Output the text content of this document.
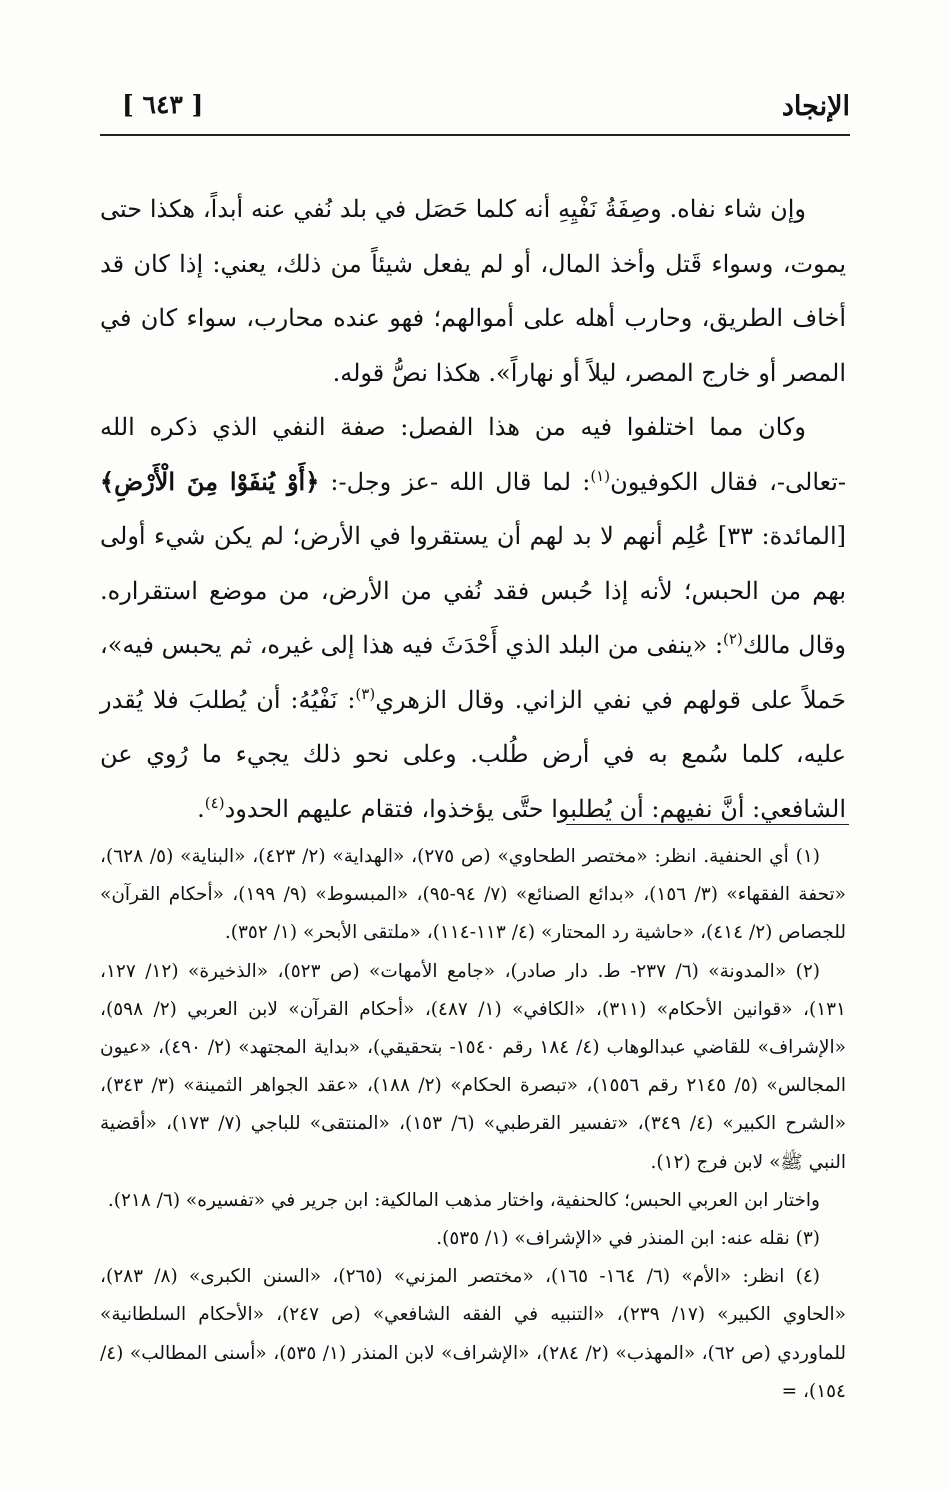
الإنجاد
[ ٦٤٣ ]

وإن شاء نفاه. وصِفَةُ نَفْيِهِ أنه كلما حَصَل في بلد نُفي عنه أبداً، هكذا حتى يموت، وسواء قَتل وأخذ المال، أو لم يفعل شيئاً من ذلك، يعني: إذا كان قد أخاف الطريق، وحارب أهله على أموالهم؛ فهو عنده محارب، سواء كان في المصر أو خارج المصر، ليلاً أو نهاراً». هكذا نصُّ قوله.

وكان مما اختلفوا فيه من هذا الفصل: صفة النفي الذي ذكره الله -تعالى-، فقال الكوفيون$^{(١)}$: لما قال الله -عز وجل-: ﴿أَوْ يُنفَوْا مِنَ الْأَرْضِ﴾ [المائدة: ٣٣] عُلِم أنهم لا بد لهم أن يستقروا في الأرض؛ لم يكن شيء أولى بهم من الحبس؛ لأنه إذا حُبس فقد نُفي من الأرض، من موضع استقراره. وقال مالك$^{(٢)}$: «ينفى من البلد الذي أَحْدَثَ فيه هذا إلى غيره، ثم يحبس فيه»، حَملاً على قولهم في نفي الزاني. وقال الزهري$^{(٣)}$: نَفْيُهُ: أن يُطلبَ فلا يُقدر عليه، كلما سُمع به في أرض طُلب. وعلى نحو ذلك يجيء ما رُوي عن الشافعي: أنَّ نفيهم: أن يُطلبوا حتَّى يؤخذوا، فتقام عليهم الحدود$^{(٤)}$.

(١) أي الحنفية. انظر: «مختصر الطحاوي» (ص ٢٧٥)، «الهداية» (٢/ ٤٢٣)، «البناية» (٥/ ٦٢٨)، «تحفة الفقهاء» (٣/ ١٥٦)، «بدائع الصنائع» (٧/ ٩٤-٩٥)، «المبسوط» (٩/ ١٩٩)، «أحكام القرآن» للجصاص (٢/ ٤١٤)، «حاشية رد المحتار» (٤/ ١١٣-١١٤)، «ملتقى الأبحر» (١/ ٣٥٢).

(٢) «المدونة» (٦/ ٢٣٧- ط. دار صادر)، «جامع الأمهات» (ص ٥٢٣)، «الذخيرة» (١٢/ ١٢٧، ١٣١)، «قوانين الأحكام» (٣١١)، «الكافي» (١/ ٤٨٧)، «أحكام القرآن» لابن العربي (٢/ ٥٩٨)، «الإشراف» للقاضي عبدالوهاب (٤/ ١٨٤ رقم ١٥٤٠- بتحقيقي)، «بداية المجتهد» (٢/ ٤٩٠)، «عيون المجالس» (٥/ ٢١٤٥ رقم ١٥٥٦)، «تبصرة الحكام» (٢/ ١٨٨)، «عقد الجواهر الثمينة» (٣/ ٣٤٣)، «الشرح الكبير» (٤/ ٣٤٩)، «تفسير القرطبي» (٦/ ١٥٣)، «المنتقى» للباجي (٧/ ١٧٣)، «أقضية النبي ﷺ» لابن فرج (١٢).

واختار ابن العربي الحبس؛ كالحنفية، واختار مذهب المالكية: ابن جرير في «تفسيره» (٦/ ٢١٨).

(٣) نقله عنه: ابن المنذر في «الإشراف» (١/ ٥٣٥).

(٤) انظر: «الأم» (٦/ ١٦٤- ١٦٥)، «مختصر المزني» (٢٦٥)، «السنن الكبرى» (٨/ ٢٨٣)، «الحاوي الكبير» (١٧/ ٢٣٩)، «التنبيه في الفقه الشافعي» (ص ٢٤٧)، «الأحكام السلطانية» للماوردي (ص ٦٢)، «المهذب» (٢/ ٢٨٤)، «الإشراف» لابن المنذر (١/ ٥٣٥)، «أسنى المطالب» (٤/ ١٥٤)، =
